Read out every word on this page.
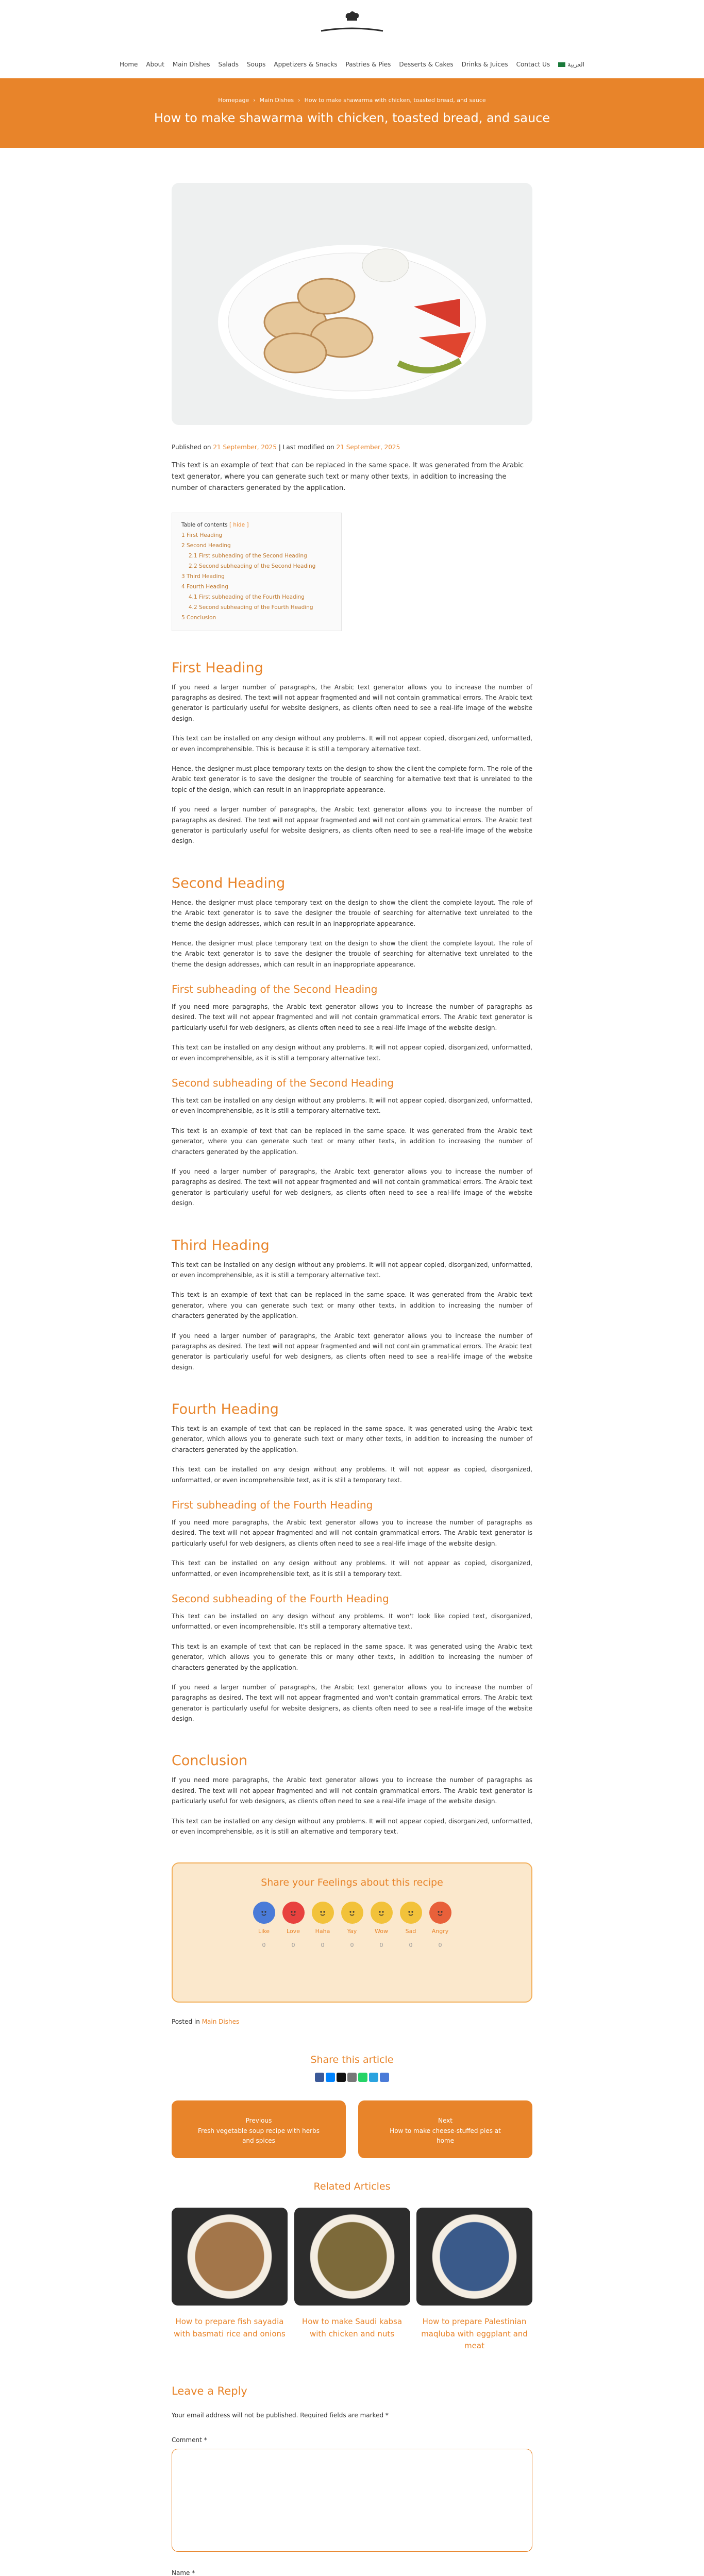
Home About Main Dishes Salads Soups Appetizers & Snacks Pastries & Pies Desserts & Cakes Drinks & Juices Contact Us	العربية
Homepage › Main Dishes › How to make shawarma with chicken, toasted bread, and sauce
How to make shawarma with chicken, toasted bread, and sauce
Published on 21 September, 2025 | Last modified on 21 September, 2025

This text is an example of text that can be replaced in the same space. It was generated from the Arabic text generator, where you can generate such text or many other texts, in addition to increasing the number of characters generated by the application.

Table of contents [ hide ]
1 First Heading
2 Second Heading
2.1 First subheading of the Second Heading
2.2 Second subheading of the Second Heading
3 Third Heading
4 Fourth Heading
4.1 First subheading of the Fourth Heading
4.2 Second subheading of the Fourth Heading
5 Conclusion
First Heading

If you need a larger number of paragraphs, the Arabic text generator allows you to increase the number of paragraphs as desired. The text will not appear fragmented and will not contain grammatical errors. The Arabic text generator is particularly useful for website designers, as clients often need to see a real-life image of the website design.

This text can be installed on any design without any problems. It will not appear copied, disorganized, unformatted, or even incomprehensible. This is because it is still a temporary alternative text.

Hence, the designer must place temporary texts on the design to show the client the complete form. The role of the Arabic text generator is to save the designer the trouble of searching for alternative text that is unrelated to the topic of the design, which can result in an inappropriate appearance.

If you need a larger number of paragraphs, the Arabic text generator allows you to increase the number of paragraphs as desired. The text will not appear fragmented and will not contain grammatical errors. The Arabic text generator is particularly useful for website designers, as clients often need to see a real-life image of the website design.

Second Heading

Hence, the designer must place temporary text on the design to show the client the complete layout. The role of the Arabic text generator is to save the designer the trouble of searching for alternative text unrelated to the theme the design addresses, which can result in an inappropriate appearance.

Hence, the designer must place temporary text on the design to show the client the complete layout. The role of the Arabic text generator is to save the designer the trouble of searching for alternative text unrelated to the theme the design addresses, which can result in an inappropriate appearance.

First subheading of the Second Heading

If you need more paragraphs, the Arabic text generator allows you to increase the number of paragraphs as desired. The text will not appear fragmented and will not contain grammatical errors. The Arabic text generator is particularly useful for web designers, as clients often need to see a real-life image of the website design.

This text can be installed on any design without any problems. It will not appear copied, disorganized, unformatted, or even incomprehensible, as it is still a temporary alternative text.

Second subheading of the Second Heading

This text can be installed on any design without any problems. It will not appear copied, disorganized, unformatted, or even incomprehensible, as it is still a temporary alternative text.

This text is an example of text that can be replaced in the same space. It was generated from the Arabic text generator, where you can generate such text or many other texts, in addition to increasing the number of characters generated by the application.

If you need a larger number of paragraphs, the Arabic text generator allows you to increase the number of paragraphs as desired. The text will not appear fragmented and will not contain grammatical errors. The Arabic text generator is particularly useful for web designers, as clients often need to see a real-life image of the website design.

Third Heading

This text can be installed on any design without any problems. It will not appear copied, disorganized, unformatted, or even incomprehensible, as it is still a temporary alternative text.

This text is an example of text that can be replaced in the same space. It was generated from the Arabic text generator, where you can generate such text or many other texts, in addition to increasing the number of characters generated by the application.

If you need a larger number of paragraphs, the Arabic text generator allows you to increase the number of paragraphs as desired. The text will not appear fragmented and will not contain grammatical errors. The Arabic text generator is particularly useful for web designers, as clients often need to see a real-life image of the website design.

Fourth Heading

This text is an example of text that can be replaced in the same space. It was generated using the Arabic text generator, which allows you to generate such text or many other texts, in addition to increasing the number of characters generated by the application.

This text can be installed on any design without any problems. It will not appear as copied, disorganized, unformatted, or even incomprehensible text, as it is still a temporary text.

First subheading of the Fourth Heading

If you need more paragraphs, the Arabic text generator allows you to increase the number of paragraphs as desired. The text will not appear fragmented and will not contain grammatical errors. The Arabic text generator is particularly useful for web designers, as clients often need to see a real-life image of the website design.

This text can be installed on any design without any problems. It will not appear as copied, disorganized, unformatted, or even incomprehensible text, as it is still a temporary text.

Second subheading of the Fourth Heading

This text can be installed on any design without any problems. It won't look like copied text, disorganized, unformatted, or even incomprehensible. It's still a temporary alternative text.

This text is an example of text that can be replaced in the same space. It was generated using the Arabic text generator, which allows you to generate this or many other texts, in addition to increasing the number of characters generated by the application.

If you need a larger number of paragraphs, the Arabic text generator allows you to increase the number of paragraphs as desired. The text will not appear fragmented and won't contain grammatical errors. The Arabic text generator is particularly useful for website designers, as clients often need to see a real-life image of the website design.

Conclusion

If you need more paragraphs, the Arabic text generator allows you to increase the number of paragraphs as desired. The text will not appear fragmented and will not contain grammatical errors. The Arabic text generator is particularly useful for web designers, as clients often need to see a real-life image of the website design.

This text can be installed on any design without any problems. It will not appear copied, disorganized, unformatted, or even incomprehensible, as it is still an alternative and temporary text.

Share your Feelings about this recipe
Like
0
Love
0
Haha
0
Yay
0
Wow
0
Sad
0
Angry
0
Posted in Main Dishes
Share this article
Previous
Fresh vegetable soup recipe with herbs and spices
Next
How to make cheese-stuffed pies at home
Related Articles
How to prepare fish sayadia with basmati rice and onions
How to make Saudi kabsa with chicken and nuts
How to prepare Palestinian maqluba with eggplant and meat
Leave a Reply
Your email address will not be published. Required fields are marked *
Comment *
Name *
